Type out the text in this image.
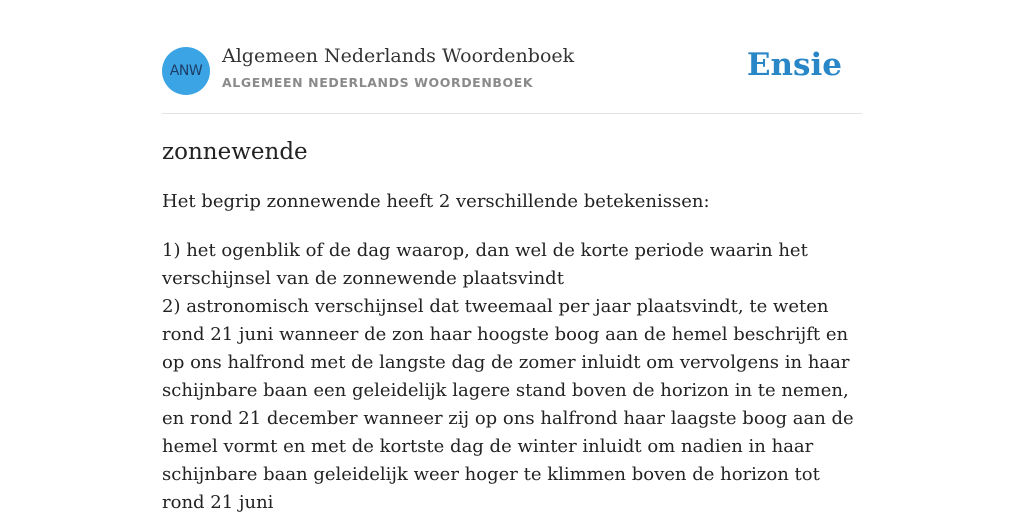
ANW
Algemeen Nederlands Woordenboek
ALGEMEEN NEDERLANDS WOORDENBOEK	Ensie
zonnewende

Het begrip zonnewende heeft 2 verschillende betekenissen:

1) het ogenblik of de dag waarop, dan wel de korte periode waarin het verschijnsel van de zonnewende plaatsvindt

2) astronomisch verschijnsel dat tweemaal per jaar plaatsvindt, te weten rond 21 juni wanneer de zon haar hoogste boog aan de hemel beschrijft en op ons halfrond met de langste dag de zomer inluidt om vervolgens in haar schijnbare baan een geleidelijk lagere stand boven de horizon in te nemen, en rond 21 december wanneer zij op ons halfrond haar laagste boog aan de hemel vormt en met de kortste dag de winter inluidt om nadien in haar schijnbare baan geleidelijk weer hoger te klimmen boven de horizon tot rond 21 juni
